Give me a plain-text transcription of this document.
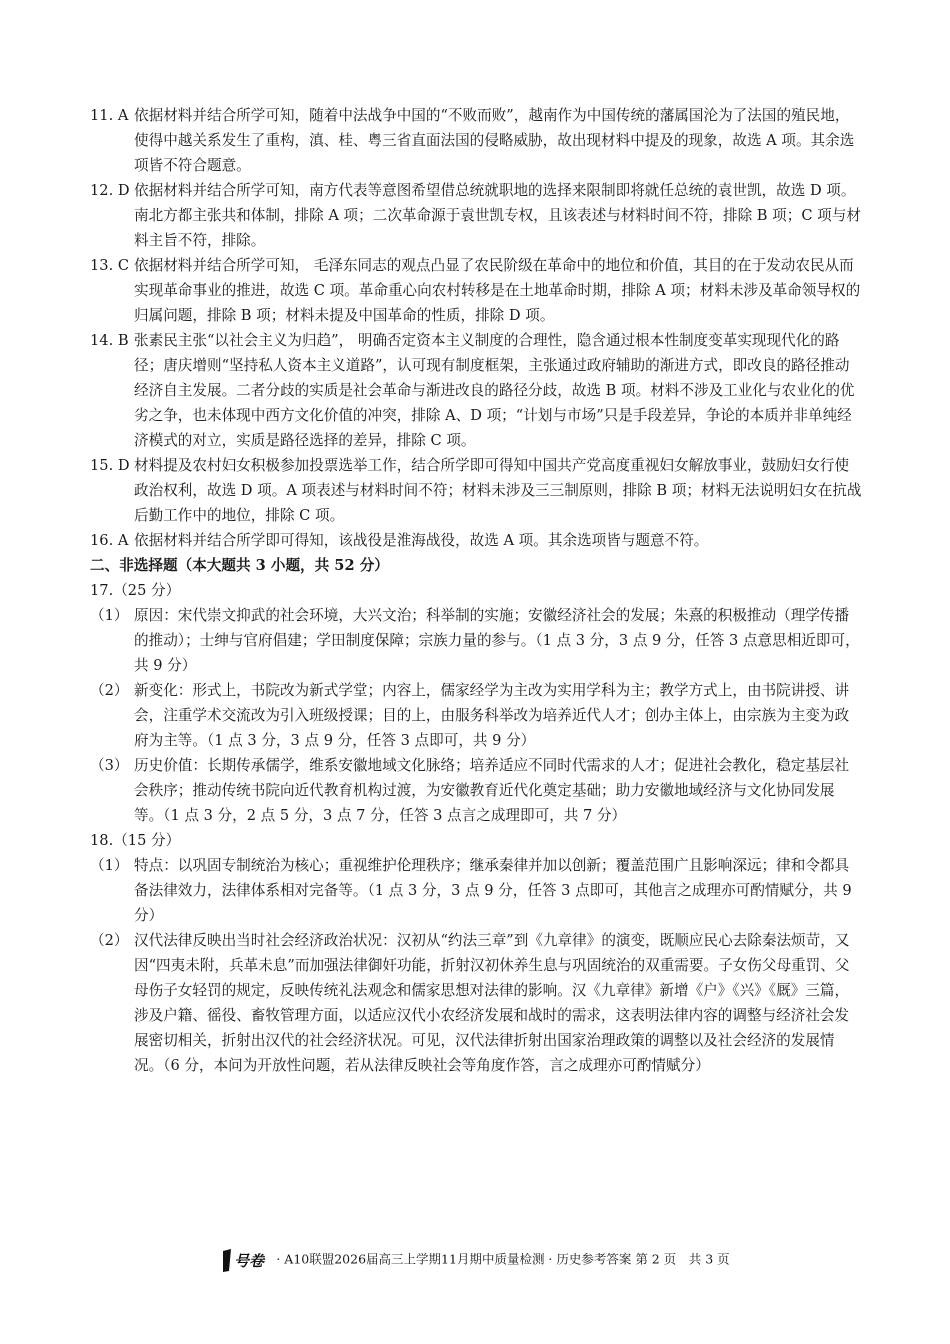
11. A 依据材料并结合所学可知，随着中法战争中国的“不败而败”，越南作为中国传统的藩属国沦为了法国的殖民地，使得中越关系发生了重构，滇、桂、粤三省直面法国的侵略威胁，故出现材料中提及的现象，故选 A 项。其余选项皆不符合题意。
12. D 依据材料并结合所学可知，南方代表等意图希望借总统就职地的选择来限制即将就任总统的袁世凯，故选 D 项。南北方都主张共和体制，排除 A 项；二次革命源于袁世凯专权，且该表述与材料时间不符，排除 B 项；C 项与材料主旨不符，排除。
13. C 依据材料并结合所学可知， 毛泽东同志的观点凸显了农民阶级在革命中的地位和价值，其目的在于发动农民从而实现革命事业的推进，故选 C 项。革命重心向农村转移是在土地革命时期，排除 A 项；材料未涉及革命领导权的归属问题，排除 B 项；材料未提及中国革命的性质，排除 D 项。
14. B 张素民主张“以社会主义为归趋”， 明确否定资本主义制度的合理性，隐含通过根本性制度变革实现现代化的路径；唐庆增则“坚持私人资本主义道路”，认可现有制度框架，主张通过政府辅助的渐进方式，即改良的路径推动经济自主发展。二者分歧的实质是社会革命与渐进改良的路径分歧，故选 B 项。材料不涉及工业化与农业化的优劣之争，也未体现中西方文化价值的冲突，排除 A、D 项；“计划与市场”只是手段差异，争论的本质并非单纯经济模式的对立，实质是路径选择的差异，排除 C 项。
15. D 材料提及农村妇女积极参加投票选举工作，结合所学即可得知中国共产党高度重视妇女解放事业，鼓励妇女行使政治权利，故选 D 项。A 项表述与材料时间不符；材料未涉及三三制原则，排除 B 项；材料无法说明妇女在抗战后勤工作中的地位，排除 C 项。
16. A 依据材料并结合所学即可得知，该战役是淮海战役，故选 A 项。其余选项皆与题意不符。

二、非选择题（本大题共 3 小题，共 52 分）

17.（25 分）

（1） 原因：宋代崇文抑武的社会环境，大兴文治；科举制的实施；安徽经济社会的发展；朱熹的积极推动（理学传播的推动）；士绅与官府倡建；学田制度保障；宗族力量的参与。（1 点 3 分，3 点 9 分，任答 3 点意思相近即可，共 9 分）
（2） 新变化：形式上，书院改为新式学堂；内容上，儒家经学为主改为实用学科为主；教学方式上，由书院讲授、讲会，注重学术交流改为引入班级授课；目的上，由服务科举改为培养近代人才；创办主体上，由宗族为主变为政府为主等。（1 点 3 分，3 点 9 分，任答 3 点即可，共 9 分）
（3） 历史价值：长期传承儒学，维系安徽地域文化脉络；培养适应不同时代需求的人才；促进社会教化，稳定基层社会秩序；推动传统书院向近代教育机构过渡，为安徽教育近代化奠定基础；助力安徽地域经济与文化协同发展等。（1 点 3 分，2 点 5 分，3 点 7 分，任答 3 点言之成理即可，共 7 分）

18.（15 分）

（1） 特点：以巩固专制统治为核心；重视维护伦理秩序；继承秦律并加以创新；覆盖范围广且影响深远；律和令都具备法律效力，法律体系相对完备等。（1 点 3 分，3 点 9 分，任答 3 点即可，其他言之成理亦可酌情赋分，共 9 分）
（2） 汉代法律反映出当时社会经济政治状况：汉初从“约法三章”到《九章律》的演变，既顺应民心去除秦法烦苛，又因“四夷未附，兵革未息”而加强法律御奸功能，折射汉初休养生息与巩固统治的双重需要。子女伤父母重罚、父母伤子女轻罚的规定，反映传统礼法观念和儒家思想对法律的影响。汉《九章律》新增《户》《兴》《厩》三篇，涉及户籍、徭役、畜牧管理方面，以适应汉代小农经济发展和战时的需求，这表明法律内容的调整与经济社会发展密切相关，折射出汉代的社会经济状况。可见，汉代法律折射出国家治理政策的调整以及社会经济的发展情况。（6 分，本问为开放性问题，若从法律反映社会等角度作答，言之成理亦可酌情赋分）
号卷 · A10联盟2026届高三上学期11月期中质量检测 · 历史参考答案 第 2 页　共 3 页
